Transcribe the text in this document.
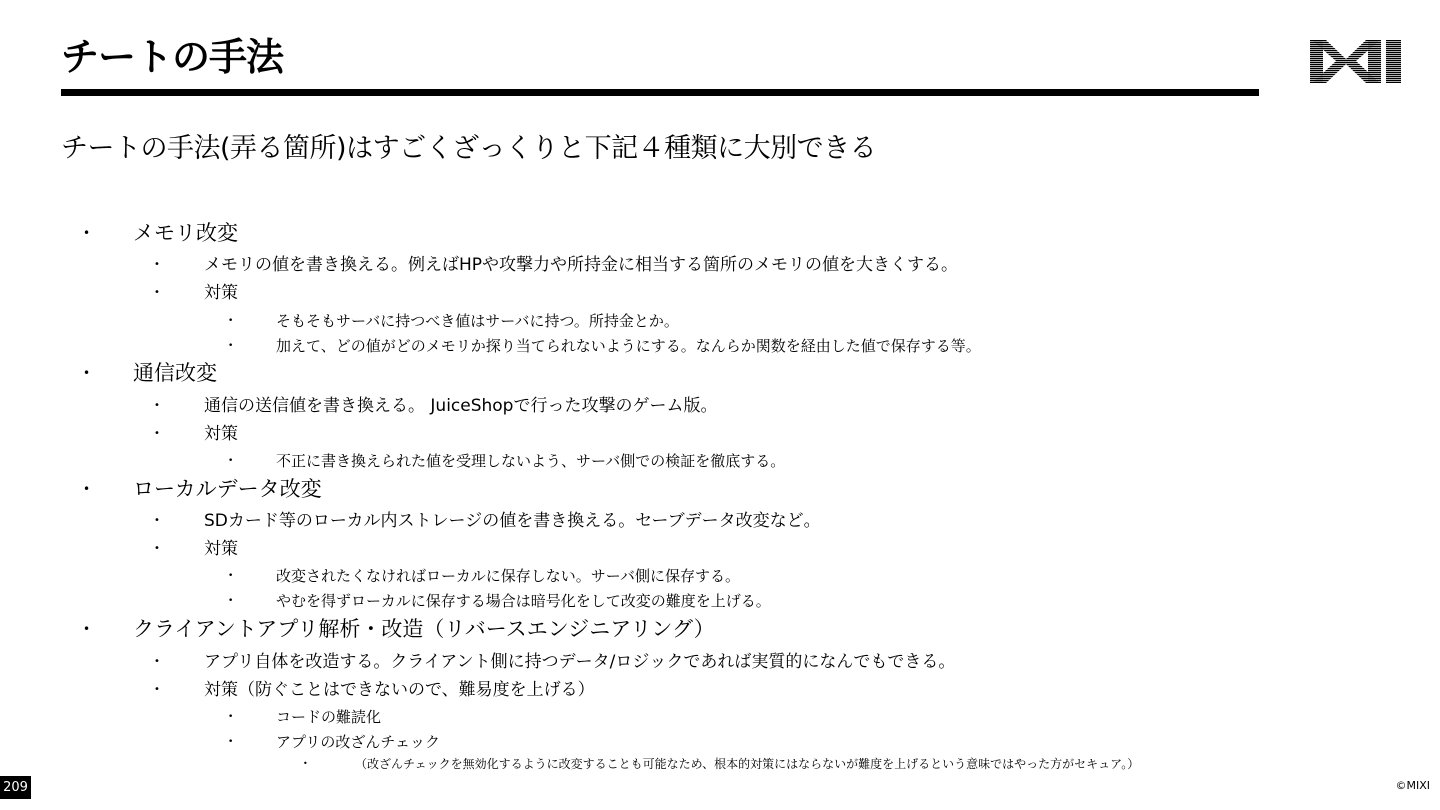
チートの手法
チートの手法(弄る箇所)はすごくざっくりと下記４種類に大別できる
• メモリ改変
•	メモリの値を書き換える。例えばHPや攻撃力や所持金に相当する箇所のメモリの値を大きくする。
•	対策
•	そもそもサーバに持つべき値はサーバに持つ。所持金とか。
•	加えて、どの値がどのメモリか探り当てられないようにする。なんらか関数を経由した値で保存する等。
• 通信改変
•	通信の送信値を書き換える。 JuiceShopで行った攻撃のゲーム版。
•	対策
•	不正に書き換えられた値を受理しないよう、サーバ側での検証を徹底する。
• ローカルデータ改変
•	SDカード等のローカル内ストレージの値を書き換える。セーブデータ改変など。
•	対策
•	改変されたくなければローカルに保存しない。サーバ側に保存する。
•	やむを得ずローカルに保存する場合は暗号化をして改変の難度を上げる。
• クライアントアプリ解析・改造（リバースエンジニアリング）
•	アプリ自体を改造する。クライアント側に持つデータ/ロジックであれば実質的になんでもできる。
•	対策（防ぐことはできないので、難易度を上げる）
•	コードの難読化
•	アプリの改ざんチェック
•	（改ざんチェックを無効化するように改変することも可能なため、根本的対策にはならないが難度を上げるという意味ではやった方がセキュア。）
209	©MIXI
